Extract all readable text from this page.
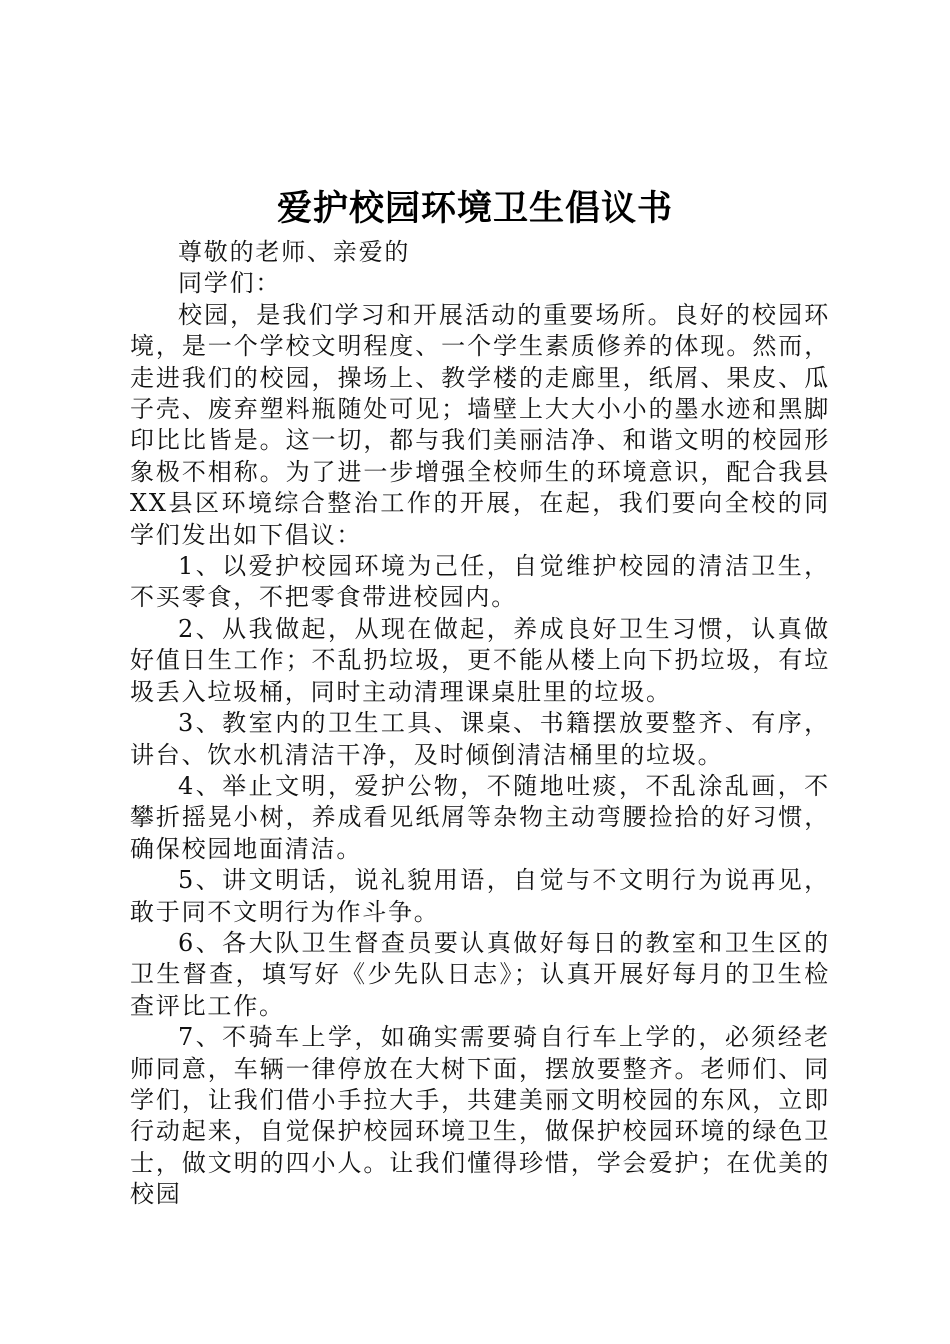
爱护校园环境卫生倡议书

尊敬的老师、亲爱的

同学们：

校园，是我们学习和开展活动的重要场所。良好的校园环境，是一个学校文明程度、一个学生素质修养的体现。然而，走进我们的校园，操场上、教学楼的走廊里，纸屑、果皮、瓜子壳、废弃塑料瓶随处可见；墙壁上大大小小的墨水迹和黑脚印比比皆是。这一切，都与我们美丽洁净、和谐文明的校园形象极不相称。为了进一步增强全校师生的环境意识，配合我县XX县区环境综合整治工作的开展，在起，我们要向全校的同学们发出如下倡议：

1、以爱护校园环境为己任，自觉维护校园的清洁卫生，不买零食，不把零食带进校园内。

2、从我做起，从现在做起，养成良好卫生习惯，认真做好值日生工作；不乱扔垃圾，更不能从楼上向下扔垃圾，有垃圾丢入垃圾桶，同时主动清理课桌肚里的垃圾。

3、教室内的卫生工具、课桌、书籍摆放要整齐、有序，讲台、饮水机清洁干净，及时倾倒清洁桶里的垃圾。

4、举止文明，爱护公物，不随地吐痰，不乱涂乱画，不攀折摇晃小树，养成看见纸屑等杂物主动弯腰捡拾的好习惯，确保校园地面清洁。

5、讲文明话，说礼貌用语，自觉与不文明行为说再见，敢于同不文明行为作斗争。

6、各大队卫生督查员要认真做好每日的教室和卫生区的卫生督查，填写好《少先队日志》；认真开展好每月的卫生检查评比工作。

7、不骑车上学，如确实需要骑自行车上学的，必须经老师同意，车辆一律停放在大树下面，摆放要整齐。老师们、同学们，让我们借小手拉大手，共建美丽文明校园的东风，立即行动起来，自觉保护校园环境卫生，做保护校园环境的绿色卫士，做文明的四小人。让我们懂得珍惜，学会爱护；在优美的校园
